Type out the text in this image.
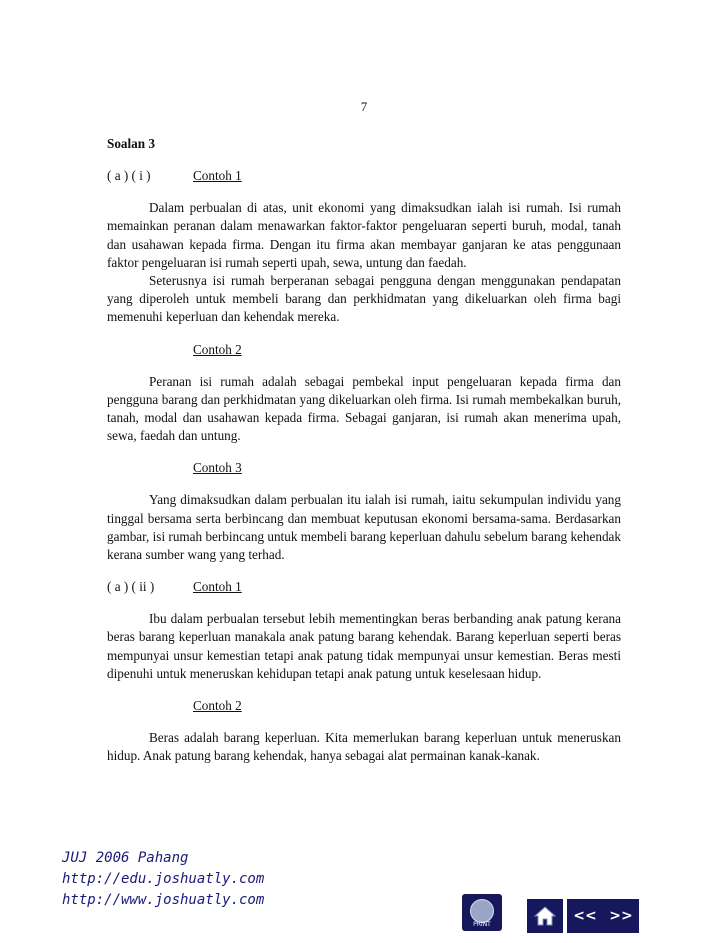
7
Soalan 3
( a ) ( i )	Contoh 1

Dalam perbualan di atas, unit ekonomi yang dimaksudkan ialah isi rumah. Isi rumah memainkan peranan dalam menawarkan faktor-faktor pengeluaran seperti buruh, modal, tanah dan usahawan kepada firma. Dengan itu firma akan membayar ganjaran ke atas penggunaan faktor pengeluaran isi rumah seperti upah, sewa, untung dan faedah.

Seterusnya isi rumah berperanan sebagai pengguna dengan menggunakan pendapatan yang diperoleh untuk membeli barang dan perkhidmatan yang dikeluarkan oleh firma bagi memenuhi keperluan dan kehendak mereka.

Contoh 2

Peranan isi rumah adalah sebagai pembekal input pengeluaran kepada firma dan pengguna barang dan perkhidmatan yang dikeluarkan oleh firma. Isi rumah membekalkan buruh, tanah, modal dan usahawan kepada firma. Sebagai ganjaran, isi rumah akan menerima upah, sewa, faedah dan untung.

Contoh 3

Yang dimaksudkan dalam perbualan itu ialah isi rumah, iaitu sekumpulan individu yang tinggal bersama serta berbincang dan membuat keputusan ekonomi bersama-sama. Berdasarkan gambar, isi rumah berbincang untuk membeli barang keperluan dahulu sebelum barang kehendak kerana sumber wang yang terhad.

( a ) ( ii )	Contoh 1

Ibu dalam perbualan tersebut lebih mementingkan beras berbanding anak patung kerana beras barang keperluan manakala anak patung barang kehendak. Barang keperluan seperti beras mempunyai unsur kemestian tetapi anak patung tidak mempunyai unsur kemestian. Beras mesti dipenuhi untuk meneruskan kehidupan tetapi anak patung untuk keselesaan hidup.

Contoh 2

Beras adalah barang keperluan. Kita memerlukan barang keperluan untuk meneruskan hidup. Anak patung barang kehendak, hanya sebagai alat permainan kanak-kanak.

JUJ 2006 Pahang
http://edu.joshuatly.com
http://www.joshuatly.com
PRINT
<< >>
